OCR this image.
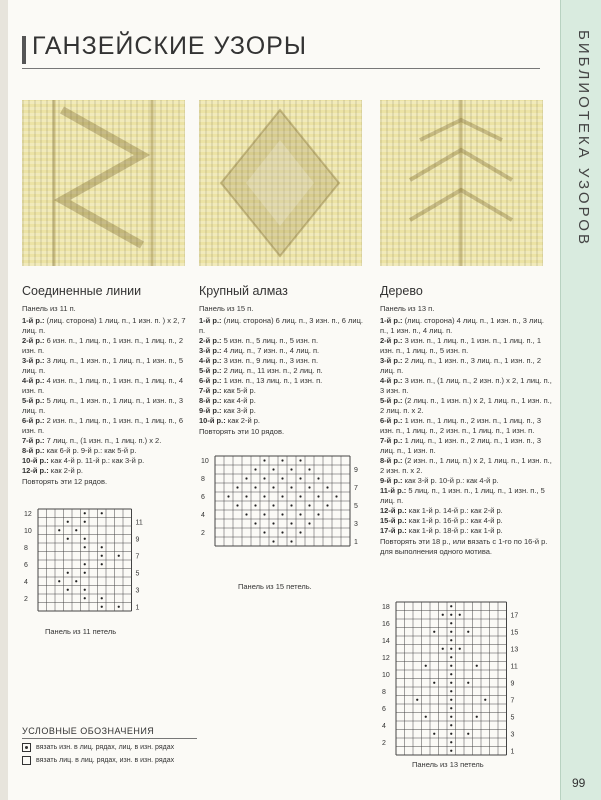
ГАНЗЕЙСКИЕ УЗОРЫ	БИБЛИОТЕКА УЗОРОВ
Соединенные линии
Панель из 11 п.
1-й р.: (лиц. сторона) 1 лиц. п., 1 изн. п. ) x 2, 7 лиц. п.
2-й р.: 6 изн. п., 1 лиц. п., 1 изн. п., 1 лиц. п., 2 изн. п.
3-й р.: 3 лиц. п., 1 изн. п., 1 лиц. п., 1 изн. п., 5 лиц. п.
4-й р.: 4 изн. п., 1 лиц. п., 1 изн. п., 1 лиц. п., 4 изн. п.
5-й р.: 5 лиц. п., 1 изн. п., 1 лиц. п., 1 изн. п., 3 лиц. п.
6-й р.: 2 изн. п., 1 лиц. п., 1 изн. п., 1 лиц. п., 6 изн. п.
7-й р.: 7 лиц. п., (1 изн. п., 1 лиц. п.) x 2.
8-й р.: как 6-й р. 9-й р.: как 5-й р.
10-й р.: как 4-й р. 11-й р.: как 3-й р.
12-й р.: как 2-й р.
Повторять эти 12 рядов.
Крупный алмаз
Панель из 15 п.
1-й р.: (лиц. сторона) 6 лиц. п., 3 изн. п., 6 лиц. п.
2-й р.: 5 изн. п., 5 лиц. п., 5 изн. п.
3-й р.: 4 лиц. п., 7 изн. п., 4 лиц. п.
4-й р.: 3 изн. п., 9 лиц. п., 3 изн. п.
5-й р.: 2 лиц. п., 11 изн. п., 2 лиц. п.
6-й р.: 1 изн. п., 13 лиц. п., 1 изн. п.
7-й р.: как 5-й р.
8-й р.: как 4-й р.
9-й р.: как 3-й р.
10-й р.: как 2-й р.
Повторять эти 10 рядов.
Дерево
Панель из 13 п.
1-й р.: (лиц. сторона) 4 лиц. п., 1 изн. п., 3 лиц. п., 1 изн. п., 4 лиц. п.
2-й р.: 3 изн. п., 1 лиц. п., 1 изн. п., 1 лиц. п., 1 изн. п., 1 лиц. п., 5 изн. п.
3-й р.: 2 лиц. п., 1 изн. п., 3 лиц. п., 1 изн. п., 2 лиц. п.
4-й р.: 3 изн. п., (1 лиц. п., 2 изн. п.) x 2, 1 лиц. п., 3 изн. п.
5-й р.: (2 лиц. п., 1 изн. п.) x 2, 1 лиц. п., 1 изн. п., 2 лиц. п. x 2.
6-й р.: 1 изн. п., 1 лиц. п., 2 изн. п., 1 лиц. п., 3 изн. п., 1 лиц. п., 2 изн. п., 1 лиц. п., 1 изн. п.
7-й р.: 1 лиц. п., 1 изн. п., 2 лиц. п., 1 изн. п., 3 лиц. п., 1 изн. п.
8-й р.: (2 изн. п., 1 лиц. п.) x 2, 1 лиц. п., 1 изн. п., 2 изн. п. x 2.
9-й р.: как 3-й р. 10-й р.: как 4-й р.
11-й р.: 5 лиц. п., 1 изн. п., 1 лиц. п., 1 изн. п., 5 лиц. п.
12-й р.: как 1-й р. 14-й р.: как 2-й р.
15-й р.: как 1-й р. 16-й р.: как 4-й р.
17-й р.: как 1-й р. 18-й р.: как 1-й р.
Повторять эти 18 р., или вязать с 1-го по 16-й р. для выполнения одного мотива.
1
2
3
4
5
6
7
8
9
10
11
12
Панель из 11 петель
1
2
3
4
5
6
7
8
9
10
Панель из 15 петель.
1
2
3
4
5
6
7
8
9
10
11
12
13
14
15
16
17
18
Панель из 13 петель
УСЛОВНЫЕ ОБОЗНАЧЕНИЯ
вязать изн. в лиц. рядах, лиц. в изн. рядах
вязать лиц. в лиц. рядах, изн. в изн. рядах
99
